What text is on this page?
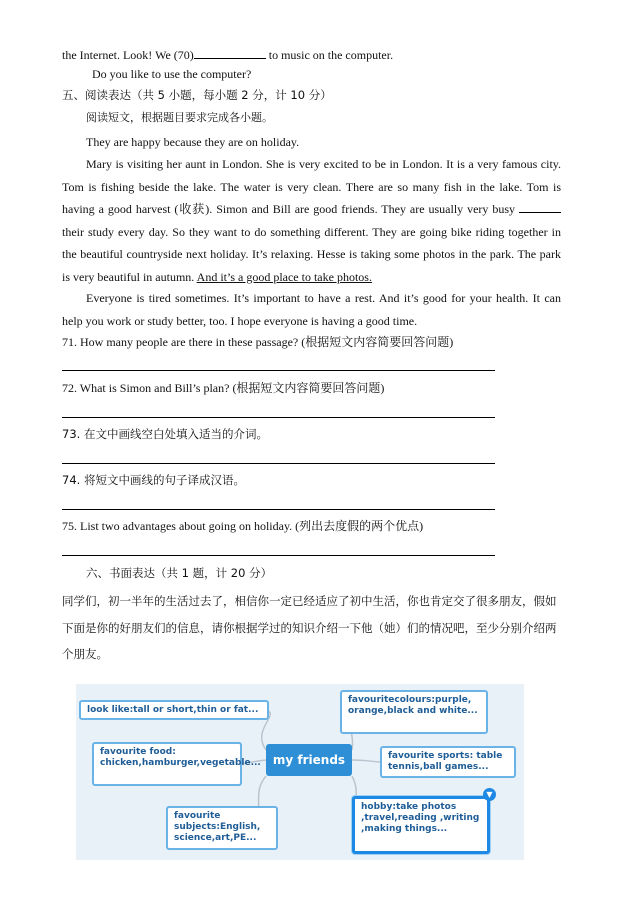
the Internet. Look! We (70)	to music on the computer.
Do you like to use the computer?
五、阅读表达（共 5 小题，每小题 2 分，计 10 分）
阅读短文，根据题目要求完成各小题。
They are happy because they are on holiday.
Mary is visiting her aunt in London. She is very excited to be in London. It is a very famous city. Tom is fishing beside the lake. The water is very clean. There are so many fish in the lake. Tom is having a good harvest (收获). Simon and Bill are good friends. They are usually very busy  their study every day. So they want to do something different. They are going bike riding together in the beautiful countryside next holiday. It’s relaxing. Hesse is taking some photos in the park. The park is very beautiful in autumn. And it’s a good place to take photos.
Everyone is tired sometimes. It’s important to have a rest. And it’s good for your health. It can help you work or study better, too. I hope everyone is having a good time.
71. How many people are there in these passage? (根据短文内容简要回答问题)
72. What is Simon and Bill’s plan? (根据短文内容简要回答问题)
73. 在文中画线空白处填入适当的介词。
74. 将短文中画线的句子译成汉语。
75. List two advantages about going on holiday. (列出去度假的两个优点)
六、书面表达（共 1 题，计 20 分）
同学们，初一半年的生活过去了，相信你一定已经适应了初中生活，你也肯定交了很多朋友，假如下面是你的好朋友们的信息，请你根据学过的知识介绍一下他（她）们的情况吧，至少分别介绍两个朋友。
look like:tall or short,thin or fat...
favourite food: chicken,hamburger,vegetable...
favourite subjects:English, science,art,PE...
my friends
favouritecolours:purple, orange,black and white...
favourite sports: table tennis,ball games...
hobby:take photos ,travel,reading ,writing ,making things...
▼
